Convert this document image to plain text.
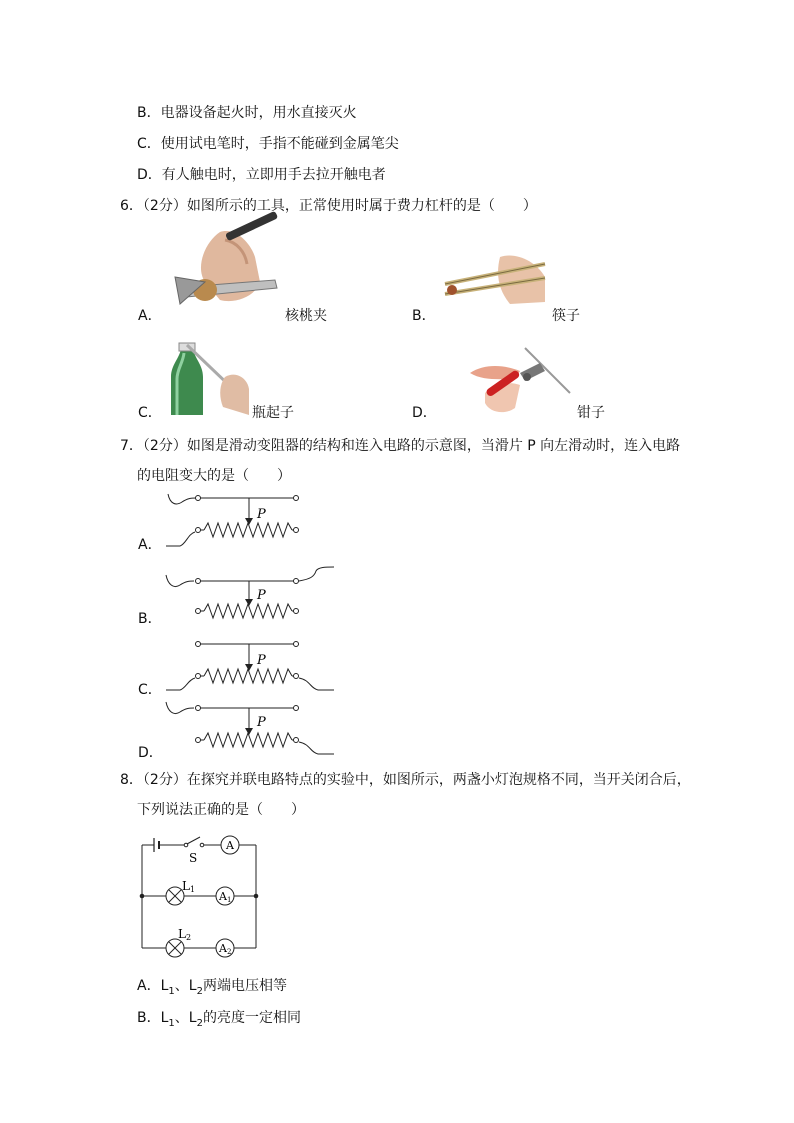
B．电器设备起火时，用水直接灭火
C．使用试电笔时，手指不能碰到金属笔尖
D．有人触电时，立即用手去拉开触电者
6．（2分）如图所示的工具，正常使用时属于费力杠杆的是（　　）
A．	核桃夹	B．	筷子
C．	瓶起子	D．	钳子
7．（2分）如图是滑动变阻器的结构和连入电路的示意图，当滑片 P 向左滑动时，连入电路
的电阻变大的是（　　）
A．
P
B．
P
C．
P
D．
P
8．（2分）在探究并联电路特点的实验中，如图所示，两盏小灯泡规格不同，当开关闭合后，
下列说法正确的是（　　）
S
A
L 1
A 1
L 2
A 2
A．$L_1$、$L_2$两端电压相等
B．$L_1$、$L_2$的亮度一定相同
